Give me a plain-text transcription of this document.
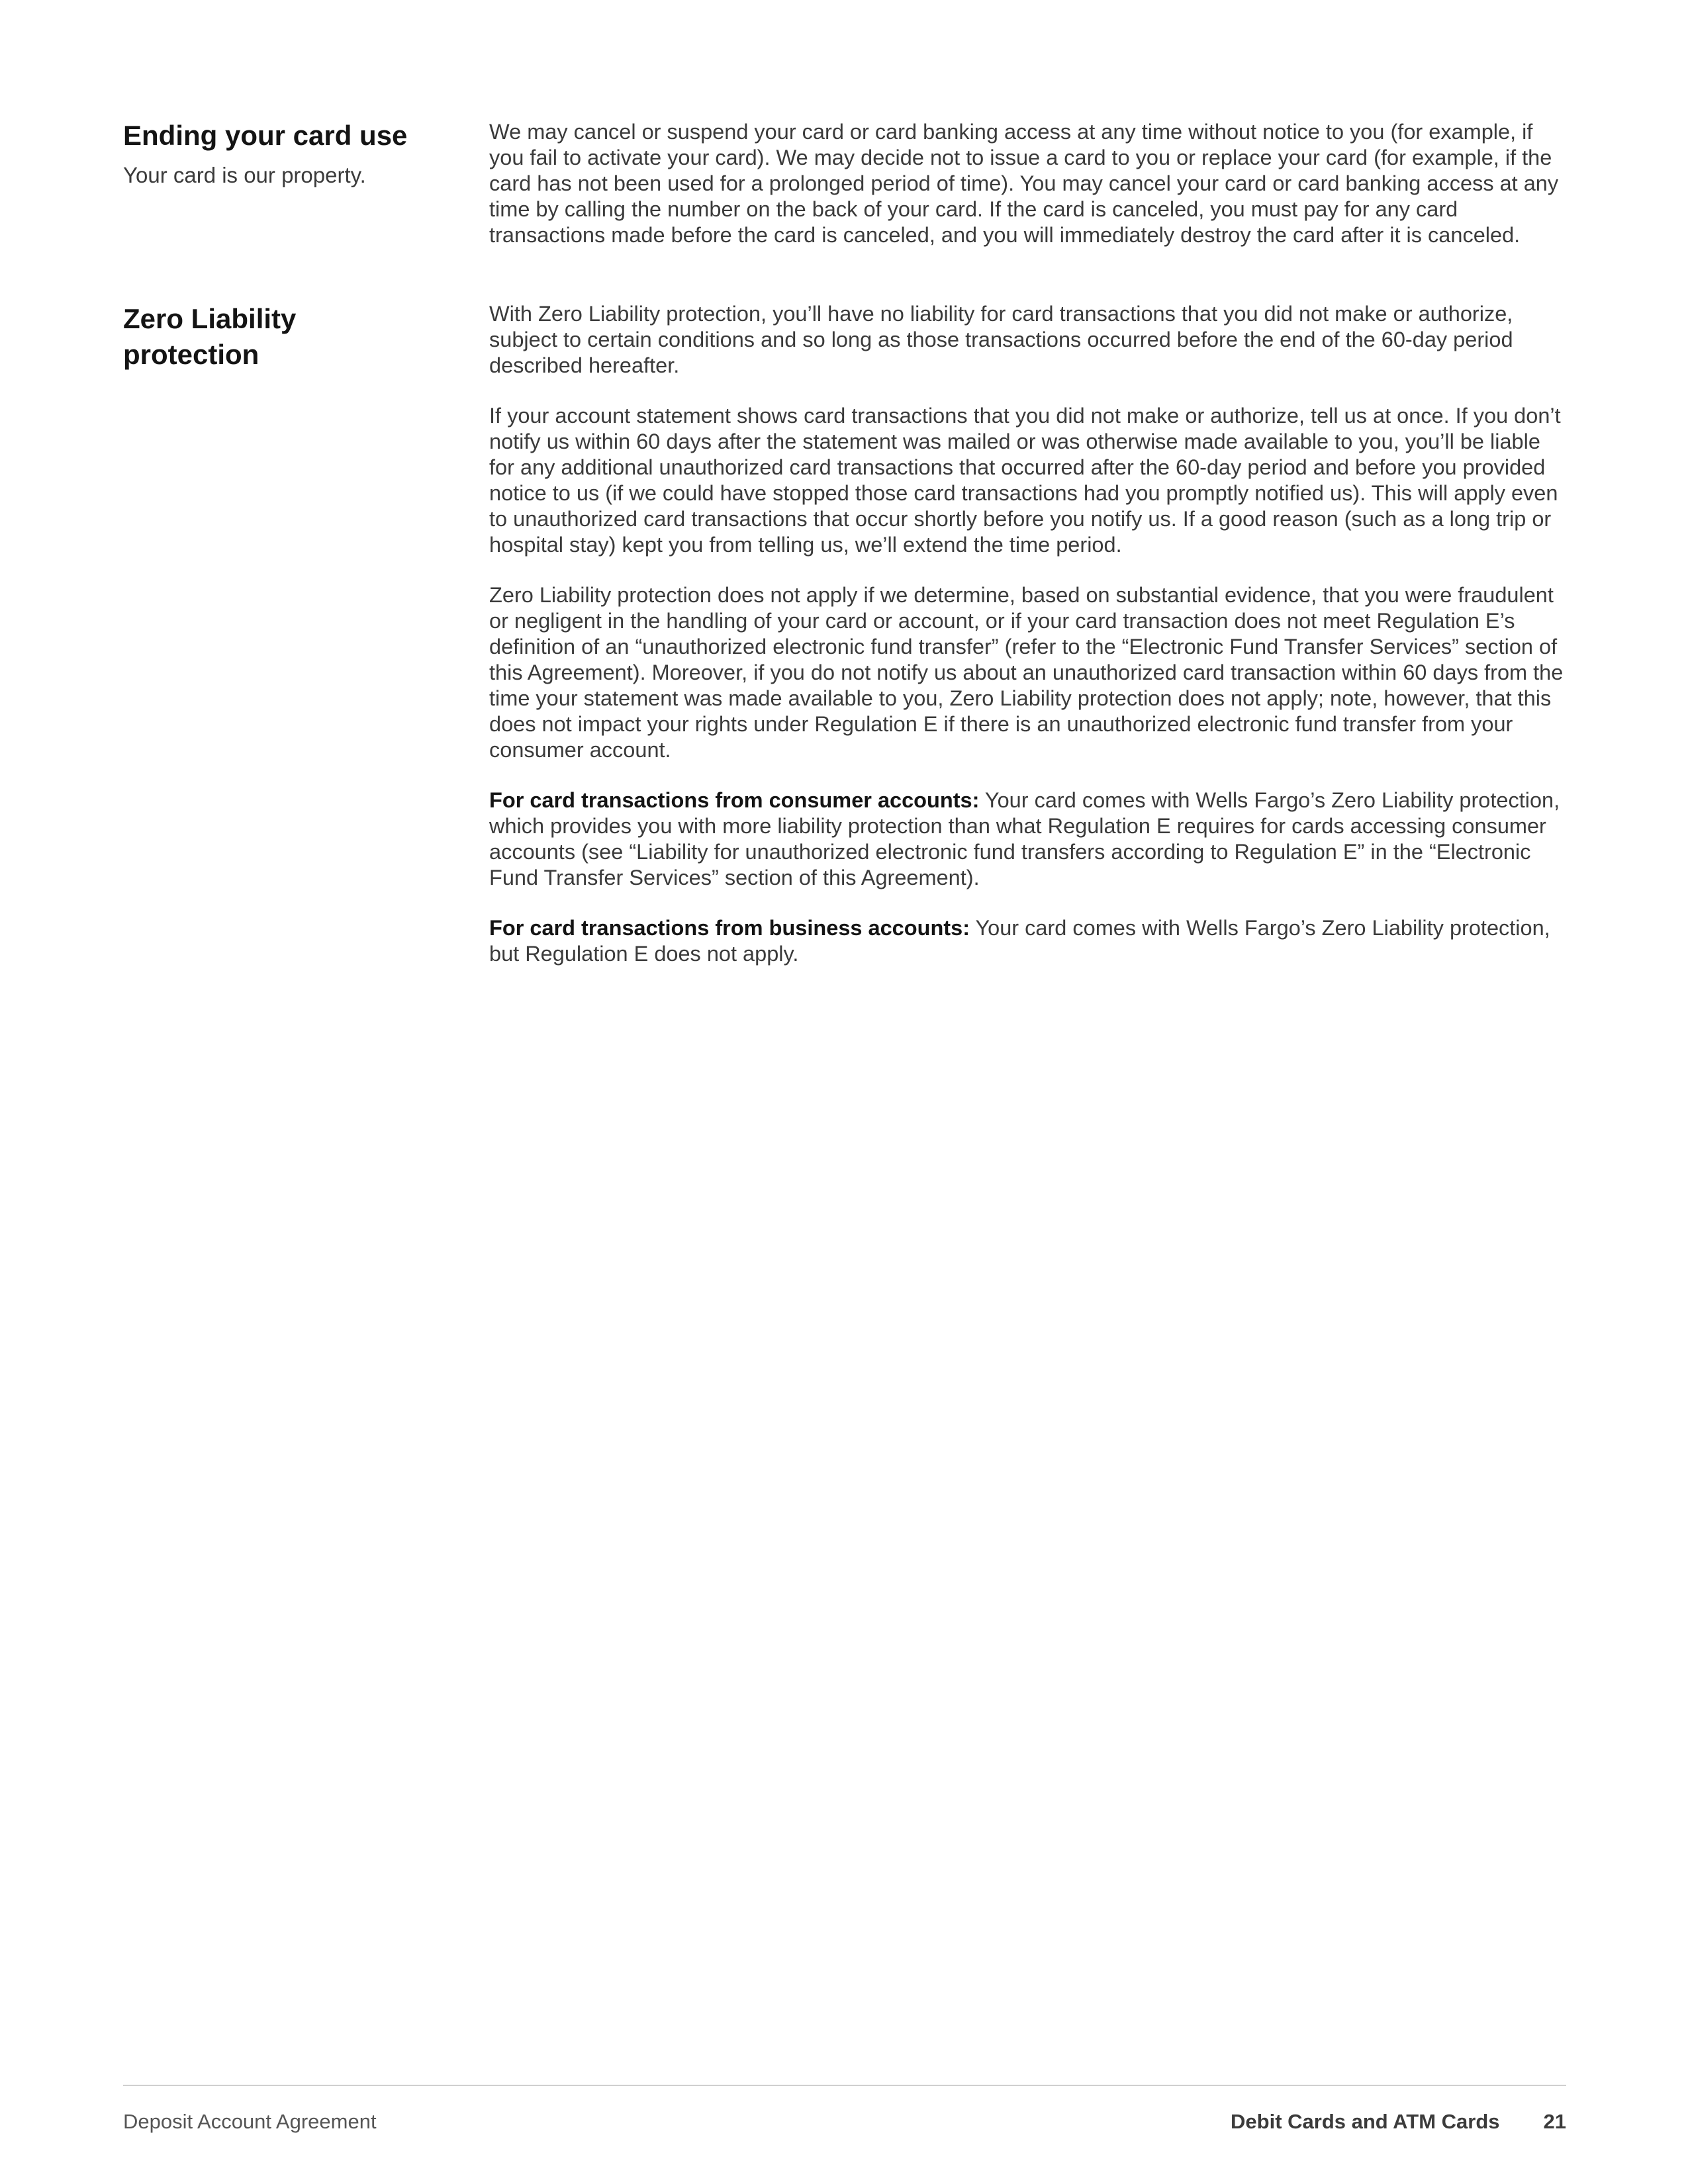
Ending your card use

Your card is our property.

We may cancel or suspend your card or card banking access at any time without notice to you (for example, if you fail to activate your card). We may decide not to issue a card to you or replace your card (for example, if the card has not been used for a prolonged period of time). You may cancel your card or card banking access at any time by calling the number on the back of your card. If the card is canceled, you must pay for any card transactions made before the card is canceled, and you will immediately destroy the card after it is canceled.

Zero Liability protection

With Zero Liability protection, you’ll have no liability for card transactions that you did not make or authorize, subject to certain conditions and so long as those transactions occurred before the end of the 60-day period described hereafter.

If your account statement shows card transactions that you did not make or authorize, tell us at once. If you don’t notify us within 60 days after the statement was mailed or was otherwise made available to you, you’ll be liable for any additional unauthorized card transactions that occurred after the 60-day period and before you provided notice to us (if we could have stopped those card transactions had you promptly notified us). This will apply even to unauthorized card transactions that occur shortly before you notify us. If a good reason (such as a long trip or hospital stay) kept you from telling us, we’ll extend the time period.

Zero Liability protection does not apply if we determine, based on substantial evidence, that you were fraudulent or negligent in the handling of your card or account, or if your card transaction does not meet Regulation E’s definition of an “unauthorized electronic fund transfer” (refer to the “Electronic Fund Transfer Services” section of this Agreement). Moreover, if you do not notify us about an unauthorized card transaction within 60 days from the time your statement was made available to you, Zero Liability protection does not apply; note, however, that this does not impact your rights under Regulation E if there is an unauthorized electronic fund transfer from your consumer account.

For card transactions from consumer accounts: Your card comes with Wells Fargo’s Zero Liability protection, which provides you with more liability protection than what Regulation E requires for cards accessing consumer accounts (see “Liability for unauthorized electronic fund transfers according to Regulation E” in the “Electronic Fund Transfer Services” section of this Agreement).

For card transactions from business accounts: Your card comes with Wells Fargo’s Zero Liability protection, but Regulation E does not apply.

Deposit Account Agreement	Debit Cards and ATM Cards 21
